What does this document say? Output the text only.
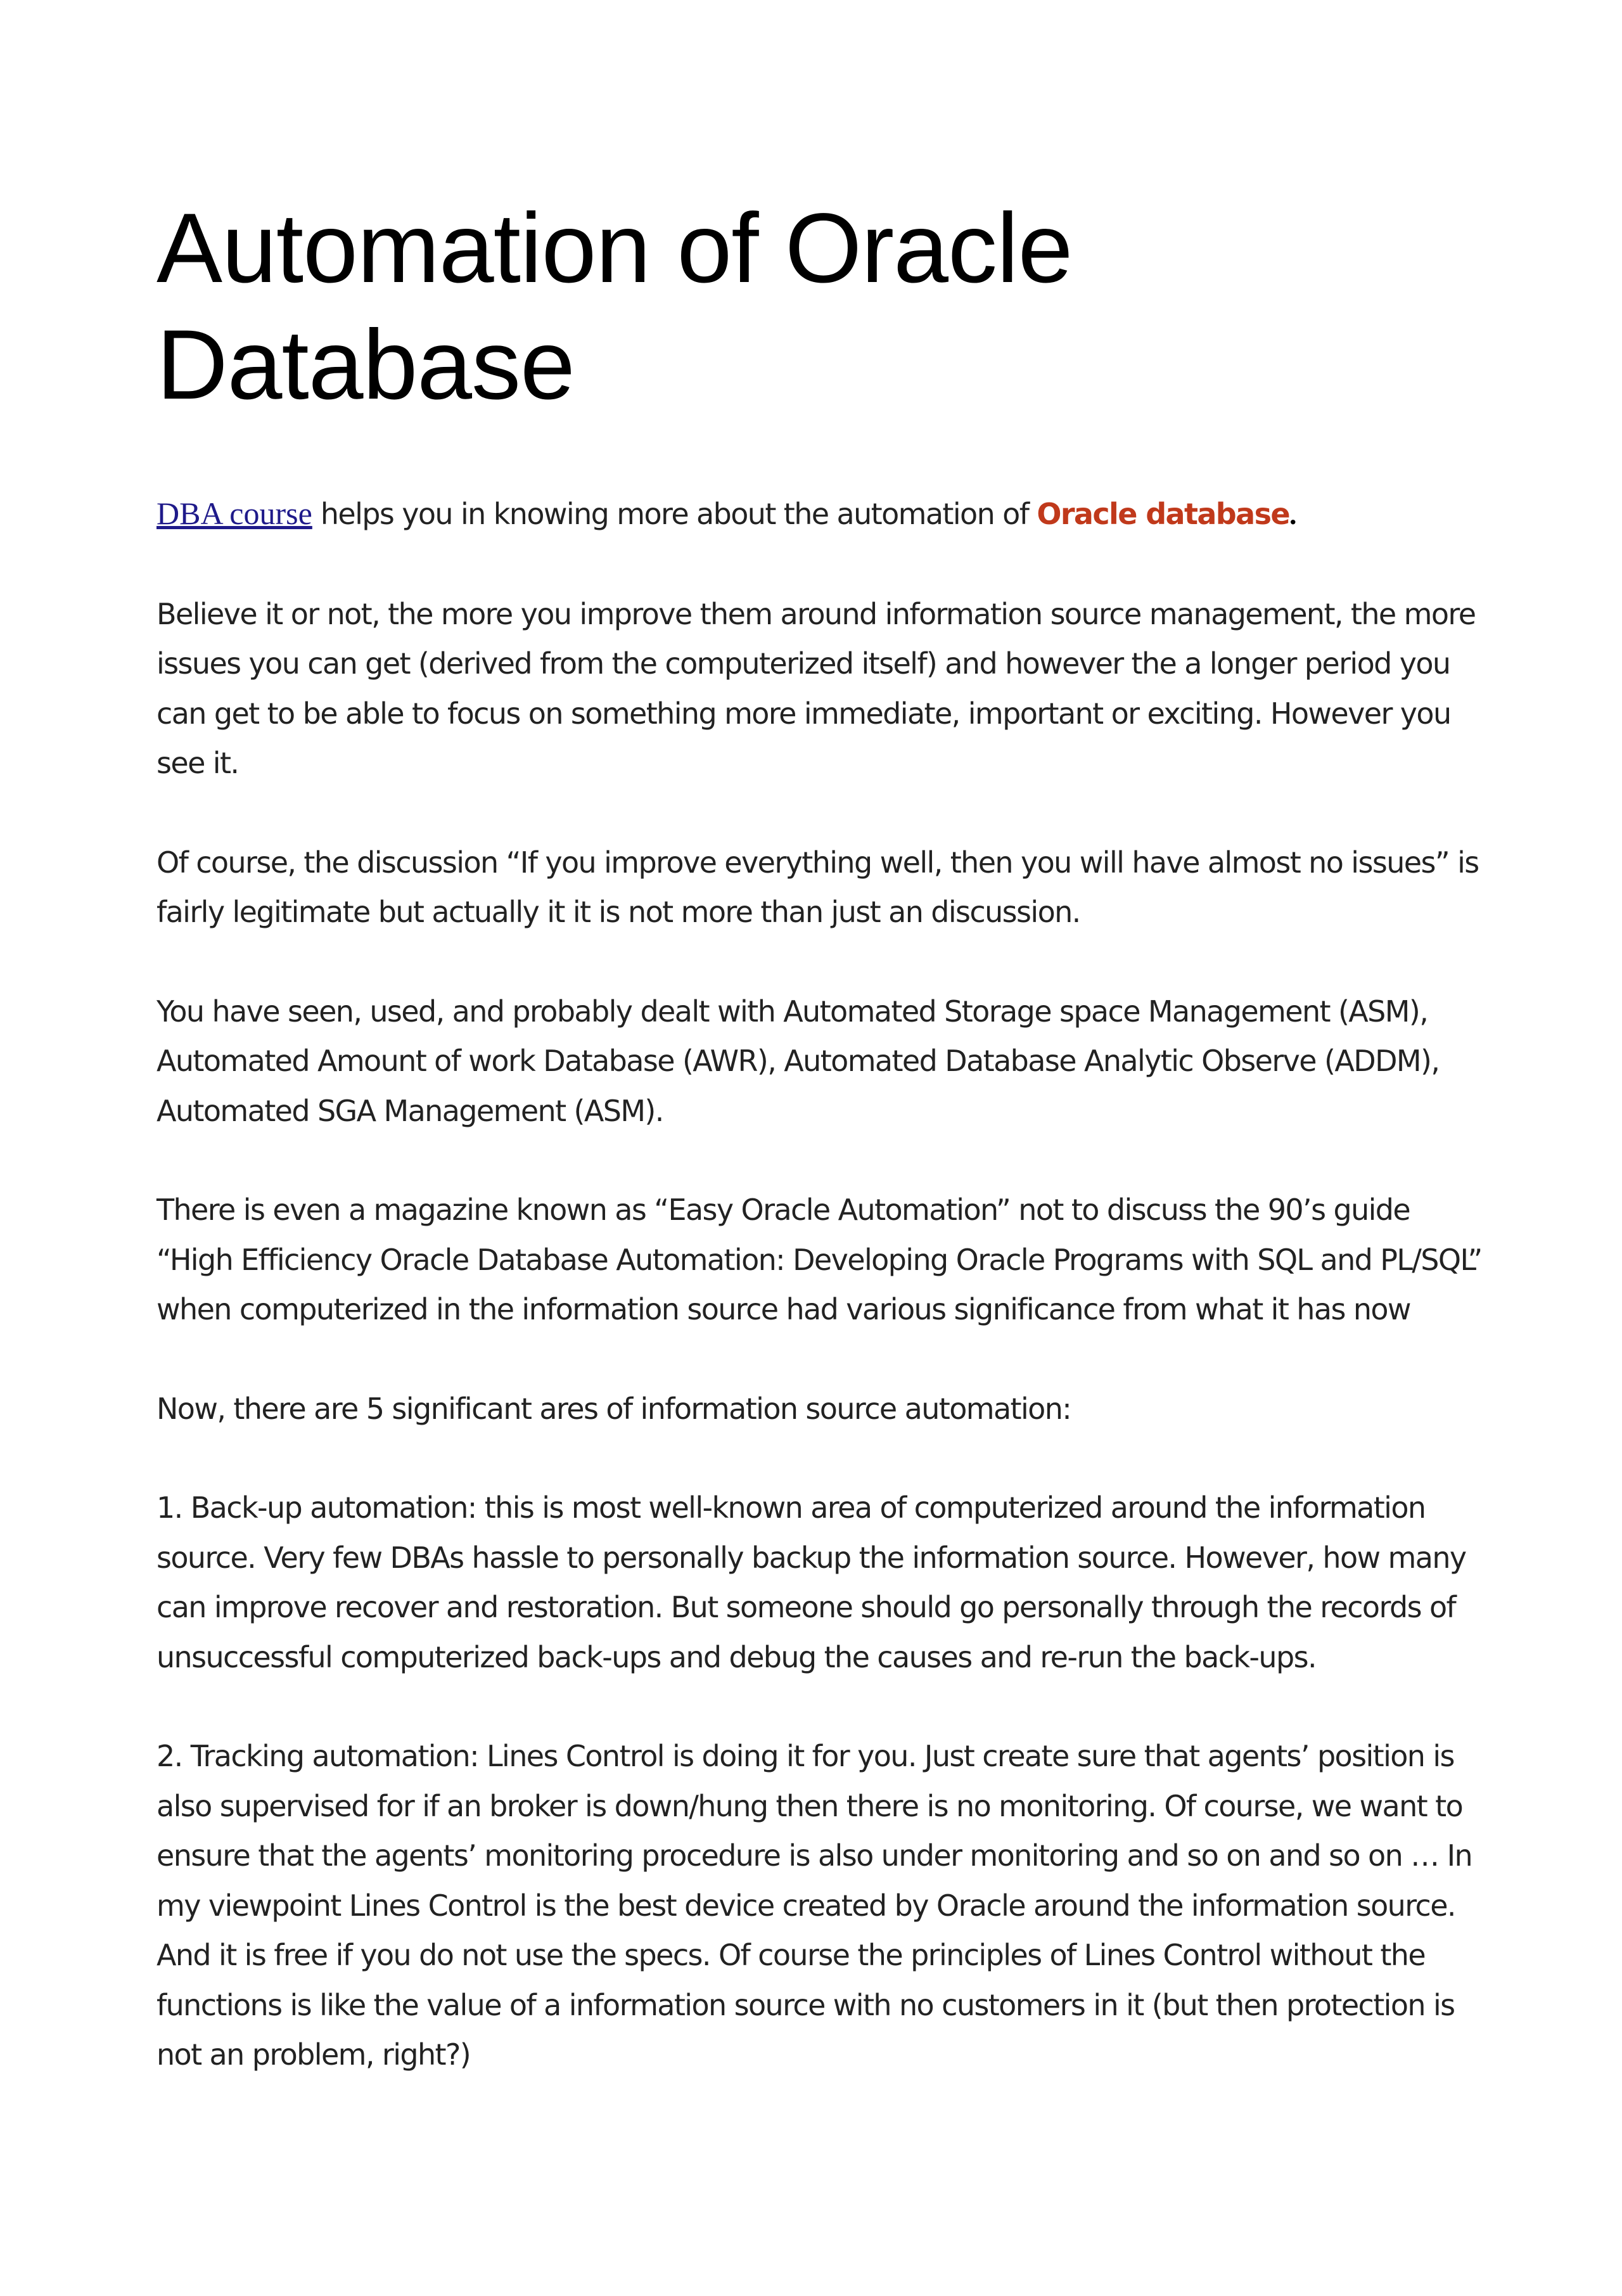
Automation of Oracle Database

DBA course helps you in knowing more about the automation of Oracle database.

Believe it or not, the more you improve them around information source management, the more issues you can get (derived from the computerized itself) and however the a longer period you can get to be able to focus on something more immediate, important or exciting. However you see it.

Of course, the discussion “If you improve everything well, then you will have almost no issues” is fairly legitimate but actually it it is not more than just an discussion.

You have seen, used, and probably dealt with Automated Storage space Management (ASM), Automated Amount of work Database (AWR), Automated Database Analytic Observe (ADDM), Automated SGA Management (ASM).

There is even a magazine known as “Easy Oracle Automation” not to discuss the 90’s guide “High Efficiency Oracle Database Automation: Developing Oracle Programs with SQL and PL/SQL” when computerized in the information source had various significance from what it has now

Now, there are 5 significant ares of information source automation:

1. Back-up automation: this is most well-known area of computerized around the information source. Very few DBAs hassle to personally backup the information source. However, how many can improve recover and restoration. But someone should go personally through the records of unsuccessful computerized back-ups and debug the causes and re-run the back-ups.

2. Tracking automation: Lines Control is doing it for you. Just create sure that agents’ position is also supervised for if an broker is down/hung then there is no monitoring. Of course, we want to ensure that the agents’ monitoring procedure is also under monitoring and so on and so on … In my viewpoint Lines Control is the best device created by Oracle around the information source. And it is free if you do not use the specs. Of course the principles of Lines Control without the functions is like the value of a information source with no customers in it (but then protection is not an problem, right?)
